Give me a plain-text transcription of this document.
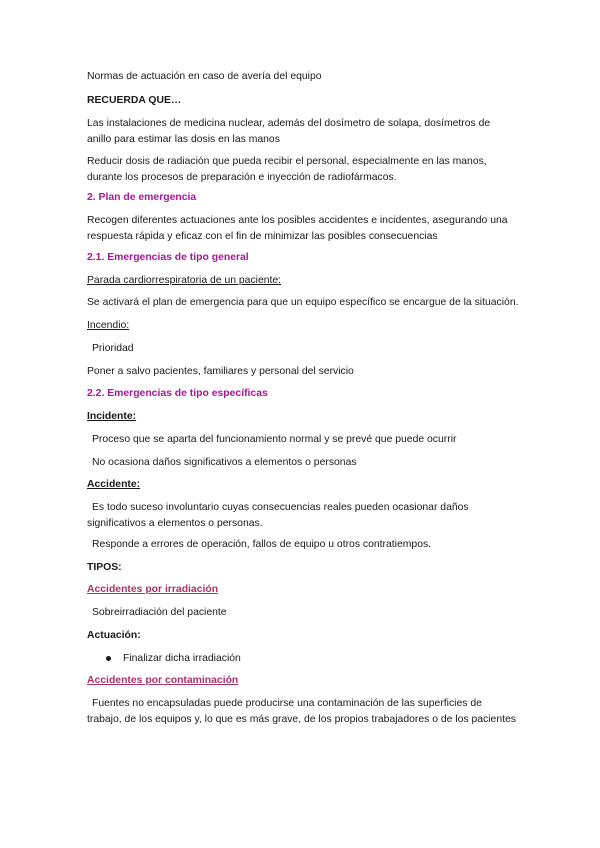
Normas de actuación en caso de avería del equipo

RECUERDA QUE…

Las instalaciones de medicina nuclear, además del dosímetro de solapa, dosímetros de anillo para estimar las dosis en las manos

Reducir dosis de radiación que pueda recibir el personal, especialmente en las manos, durante los procesos de preparación e inyección de radiofármacos.

2. Plan de emergencia

Recogen diferentes actuaciones ante los posibles accidentes e incidentes, asegurando una respuesta rápida y eficaz con el fin de minimizar las posibles consecuencias

2.1. Emergencias de tipo general

Parada cardiorrespiratoria de un paciente:

Se activará el plan de emergencia para que un equipo específico se encargue de la situación.

Incendio:

Prioridad

Poner a salvo pacientes, familiares y personal del servicio

2.2. Emergencias de tipo específicas

Incidente:

Proceso que se aparta del funcionamiento normal y se prevé que puede ocurrir

No ocasiona daños significativos a elementos o personas

Accidente:

Es todo suceso involuntario cuyas consecuencias reales pueden ocasionar daños significativos a elementos o personas.

Responde a errores de operación, fallos de equipo u otros contratiempos.

TIPOS:

Accidentes por irradiación

Sobreirradiación del paciente

Actuación:

Finalizar dicha irradiación

Accidentes por contaminación

Fuentes no encapsuladas puede producirse una contaminación de las superficies de trabajo, de los equipos y, lo que es más grave, de los propios trabajadores o de los pacientes
